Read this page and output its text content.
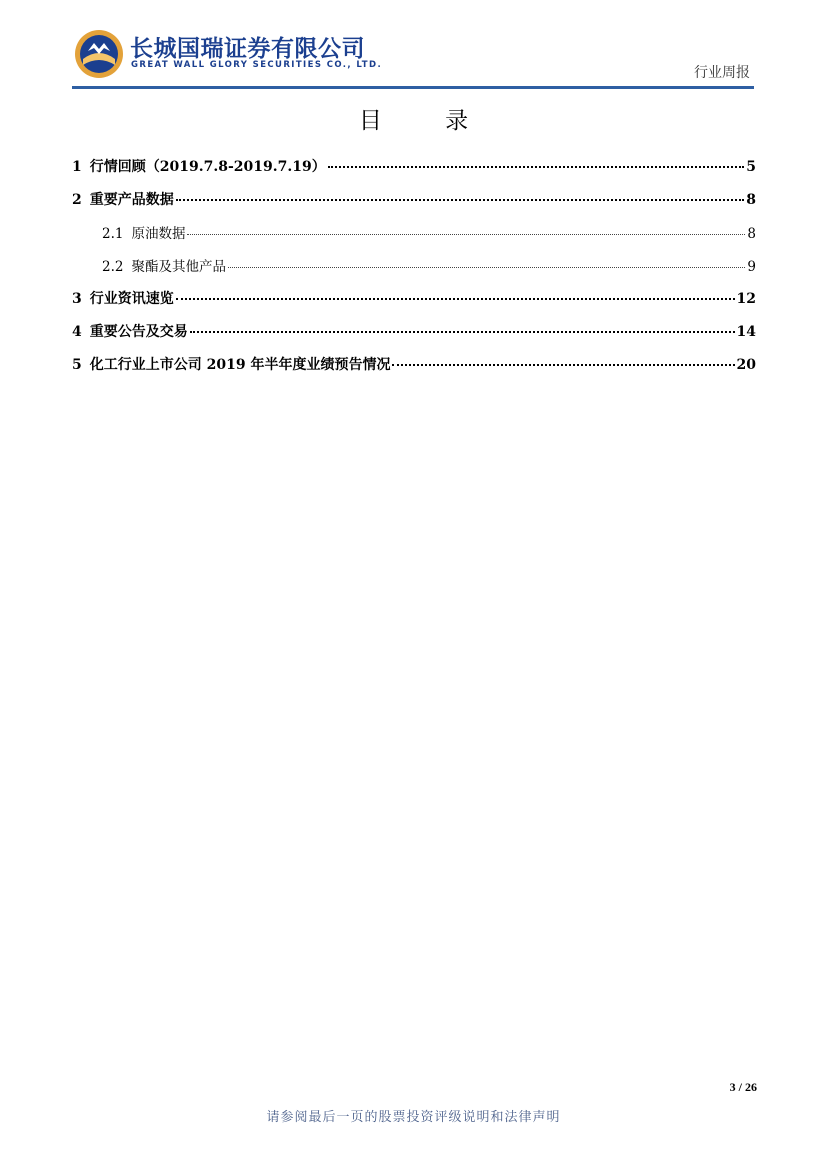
长城国瑞证券有限公司
GREAT WALL GLORY SECURITIES CO., LTD.	行业周报
目 录
1 行情回顾（2019.7.8-2019.7.19）	5
2 重要产品数据	8
2.1 原油数据	8
2.2 聚酯及其他产品	9
3 行业资讯速览	12
4 重要公告及交易	14
5 化工行业上市公司 2019 年半年度业绩预告情况	20
3 / 26
请参阅最后一页的股票投资评级说明和法律声明
